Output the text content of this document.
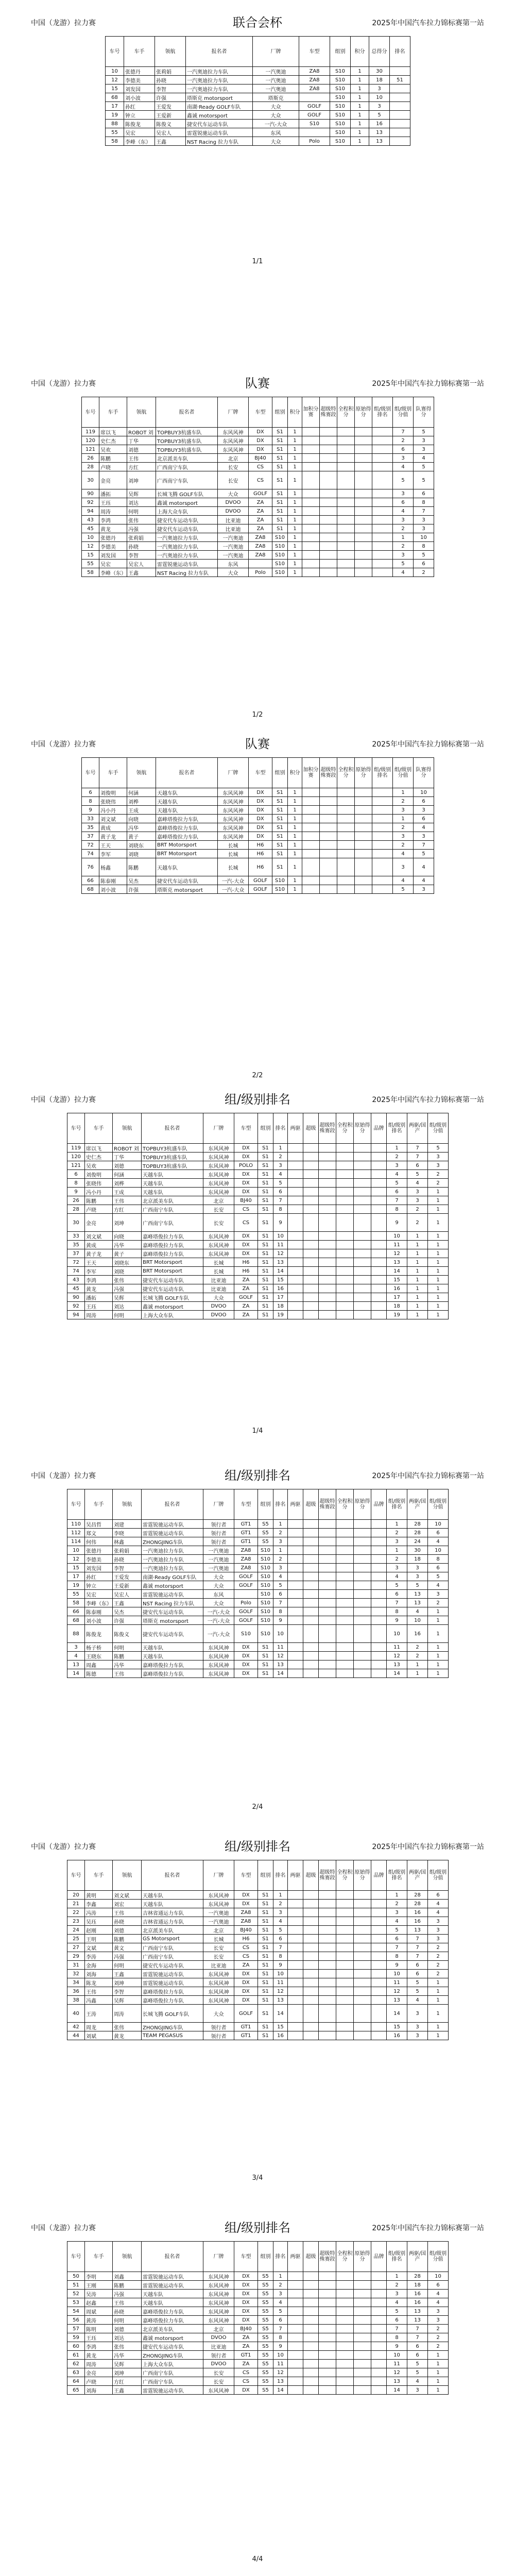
中国（龙游）拉力赛	2025年中国汽车拉力锦标赛第一站
联合会杯
车号	车手	领航	报名者	厂牌	车型	组别	积分	总得分	排名
10	张德丹	张莉娟	一汽奥迪拉力车队	一汽奥迪	ZA8	S10	1	30	
12	李德美	孙晓	一汽奥迪拉力车队	一汽奥迪	ZA8	S10	1	18	51
15	刘发国	李智	一汽奥迪拉力车队	一汽奥迪	ZA8	S10	1	3	
68	刘小波	许强	塔斯克 motorsport	塔斯克		S10	1	10	
17	孙红	王爱发	南湖·Ready GOLF车队	大众	GOLF	S10	1	3	
19	钟立	王爱新	鑫诚 motorsport	大众	GOLF	S10	1	5	
88	陈俊龙	陈俊义	捷安代车运动车队	一汽-大众	S10	S10	1	16	
55	吴宏	吴宏人	雷霆锐驰运动车队	东风		S10	1	13	
58	李峰（东）	王鑫	NST Racing 拉力车队	大众	Polo	S10	1	13	
1/1
中国（龙游）拉力赛	2025年中国汽车拉力锦标赛第一站
队赛
车号	车手	领航	报名者	厂牌	车型	组别	积分	加积分赛	超级特殊赛段	全程积分	原始得分	组/级别排名	组/级别分值	队赛得分
119	席以飞	ROBOT 刘	TOPBUY3杭盛车队	东风风神	DX	S1	1						7	5
120	史仁杰	丁华	TOPBUY3杭盛车队	东风风神	DX	S1	1						2	3
121	吴欢	刘德	TOPBUY3杭盛车队	东风风神	DX	S1	1						6	3
26	陈鹏	王伟	北京派美车队	北京	BJ40	S1	1						3	4
28	卢晓	方红	广西南宁车队	长安	CS	S1	1						4	5
30	金亮	刘坤	广西南宁车队	长安	CS	S1	1						5	5
90	潘拓	吴辉	长城飞腾 GOLF车队	大众	GOLF	S1	1						3	6
92	王珏	刘达	鑫诚 motorsport	DVOO	ZA	S1	1						6	8
94	周涛	何明	上海大众车队	DVOO	ZA	S1	1						4	7
43	李鸿	张伟	捷安代车运动车队	比亚迪	ZA	S1	1						3	3
45	黄龙	冯强	捷安代车运动车队	比亚迪	ZA	S1	1						2	3
10	张德丹	张莉娟	一汽奥迪拉力车队	一汽奥迪	ZA8	S10	1						1	10
12	李德美	孙晓	一汽奥迪拉力车队	一汽奥迪	ZA8	S10	1						2	8
15	刘发国	李智	一汽奥迪拉力车队	一汽奥迪	ZA8	S10	1						3	5
55	吴宏	吴宏人	雷霆锐驰运动车队	东风		S10	1						5	6
58	李峰（东）	王鑫	NST Racing 拉力车队	大众	Polo	S10	1						4	2
1/2
中国（龙游）拉力赛	2025年中国汽车拉力锦标赛第一站
队赛
车号	车手	领航	报名者	厂牌	车型	组别	积分	加积分赛	超级特殊赛段	全程积分	原始得分	组/级别排名	组/级别分值	队赛得分
6	刘俊明	何涵	天越车队	东风风神	DX	S1	1						1	10
8	张晓伟	刘桦	天越车队	东风风神	DX	S1	1						2	6
9	冯小丹	王成	天越车队	东风风神	DX	S1	1						3	3
33	刘文斌	向晓	嘉峰塔俊拉力车队	东风风神	DX	S1	1						1	6
35	黄成	冯华	嘉峰塔俊拉力车队	东风风神	DX	S1	1						2	4
37	黄子龙	黄子	嘉峰塔俊拉力车队	东风风神	DX	S1	1						3	3
72	王天	刘晓东	BRT Motorsport	长城	H6	S1	1						2	7
74	李军	刘晓	BRT Motorsport	长城	H6	S1	1						4	5
76	杨鑫	陈鹏	天越车队	长城	H6	S1	1						3	4
66	陈泰刚	吴杰	捷安代车运动车队	一汽-大众	GOLF	S10	1						4	4
68	刘小波	许强	塔斯克 motorsport	一汽-大众	GOLF	S10	1						5	3
2/2
中国（龙游）拉力赛	2025年中国汽车拉力锦标赛第一站
组/级别排名
车号	车手	领航	报名者	厂牌	车型	组别	排名	两驱	超级	超级特殊赛段	全程积分	原始得分	品牌	组/级别排名	两驱/国产	组/级别分值
119	席以飞	ROBOT 刘	TOPBUY3杭盛车队	东风风神	DX	S1	1							1	7	5
120	史仁杰	丁华	TOPBUY3杭盛车队	东风风神	DX	S1	2							2	7	3
121	吴欢	刘德	TOPBUY3杭盛车队	东风风神	POLO	S1	3							3	6	3
6	刘俊明	何涵	天越车队	东风风神	DX	S1	4							4	5	2
8	张晓伟	刘桦	天越车队	东风风神	DX	S1	5							5	4	2
9	冯小丹	王成	天越车队	东风风神	DX	S1	6							6	3	1
26	陈鹏	王伟	北京派美车队	北京	BJ40	S1	7							7	3	1
28	卢晓	方红	广西南宁车队	长安	CS	S1	8							8	2	1
30	金亮	刘坤	广西南宁车队	长安	CS	S1	9							9	2	1
33	刘文斌	向晓	嘉峰塔俊拉力车队	东风风神	DX	S1	10							10	1	1
35	黄成	冯华	嘉峰塔俊拉力车队	东风风神	DX	S1	11							11	1	1
37	黄子龙	黄子	嘉峰塔俊拉力车队	东风风神	DX	S1	12							12	1	1
72	王天	刘晓东	BRT Motorsport	长城	H6	S1	13							13	1	1
74	李军	刘晓	BRT Motorsport	长城	H6	S1	14							14	1	1
43	李鸿	张伟	捷安代车运动车队	比亚迪	ZA	S1	15							15	1	1
45	黄龙	冯强	捷安代车运动车队	比亚迪	ZA	S1	16							16	1	1
90	潘拓	吴辉	长城飞腾 GOLF车队	大众	GOLF	S1	17							17	1	1
92	王珏	刘达	鑫诚 motorsport	DVOO	ZA	S1	18							18	1	1
94	周涛	何明	上海大众车队	DVOO	ZA	S1	19							19	1	1
1/4
中国（龙游）拉力赛	2025年中国汽车拉力锦标赛第一站
组/级别排名
车号	车手	领航	报名者	厂牌	车型	组别	排名	两驱	超级	超级特殊赛段	全程积分	原始得分	品牌	组/级别排名	两驱/国产	组/级别分值
110	吴昌哲	刘建	雷霆锐驰运动车队	领行者	GT1	S5	1							1	28	10
112	郑文	李晓	雷霆锐驰运动车队	领行者	GT1	S5	2							2	28	6
114	何伟	林鑫	ZHONGJING车队	领行者	GT1	S5	3							3	24	4
10	张德丹	张莉娟	一汽奥迪拉力车队	一汽奥迪	ZA8	S10	1							1	30	10
12	李德美	孙晓	一汽奥迪拉力车队	一汽奥迪	ZA8	S10	2							2	18	8
15	刘发国	李智	一汽奥迪拉力车队	一汽奥迪	ZA8	S10	3							3	3	6
17	孙红	王爱发	南湖·Ready GOLF车队	大众	GOLF	S10	4							4	3	5
19	钟立	王爱新	鑫诚 motorsport	大众	GOLF	S10	5							5	5	4
55	吴宏	吴宏人	雷霆锐驰运动车队	东风		S10	6							6	13	3
58	李峰（东）	王鑫	NST Racing 拉力车队	大众	Polo	S10	7							7	13	2
66	陈泰刚	吴杰	捷安代车运动车队	一汽-大众	GOLF	S10	8							8	4	1
68	刘小波	许强	塔斯克 motorsport	一汽-大众	GOLF	S10	9							9	10	1
88	陈俊龙	陈俊义	捷安代车运动车队	一汽-大众	S10	S10	10							10	16	1
3	杨子桥	何明	天越车队	东风风神	DX	S1	11							11	2	1
4	王晓东	陈鹏	天越车队	东风风神	DX	S1	12							12	2	1
13	周鑫	冯华	嘉峰塔俊拉力车队	东风风神	DX	S1	13							13	1	1
14	陈德	王伟	嘉峰塔俊拉力车队	东风风神	DX	S1	14							14	1	1
2/4
中国（龙游）拉力赛	2025年中国汽车拉力锦标赛第一站
组/级别排名
车号	车手	领航	报名者	厂牌	车型	组别	排名	两驱	超级	超级特殊赛段	全程积分	原始得分	品牌	组/级别排名	两驱/国产	组/级别分值
20	黄明	刘文斌	天越车队	东风风神	DX	S1	1							1	28	6
21	李鑫	刘宏	天越车队	东风风神	DX	S1	2							2	28	4
22	冯涛	王伟	吉林省通运力车队	一汽奥迪	ZA8	S1	3							3	16	4
23	吴珏	孙晓	吉林省通运力车队	一汽奥迪	ZA8	S1	4							4	16	3
24	赵刚	刘德	北京派美车队	北京	BJ40	S1	5							5	13	3
25	王明	陈鹏	GS Motorsport	长城	H6	S1	6							6	7	3
27	文斌	黄文	广西南宁车队	长安	CS	S1	7							7	7	2
29	李涛	冯强	广西南宁车队	长安	CS	S1	8							8	7	2
31	金海	何明	捷安代车运动车队	比亚迪	ZA	S1	9							9	6	2
32	刘海	王鑫	雷霆锐驰运动车队	东风风神	DX	S1	10							10	6	2
34	陈龙	刘坤	雷霆锐驰运动车队	东风风神	DX	S1	11							11	5	1
36	王伟	李智	嘉峰塔俊拉力车队	东风风神	DX	S1	12							12	5	1
38	冯鑫	吴辉	嘉峰塔俊拉力车队	东风风神	DX	S1	13							13	4	1
40	王涛	周涛	长城飞腾 GOLF车队	大众	GOLF	S1	14							14	3	1
42	周龙	张伟	ZHONGJING车队	领行者	GT1	S1	15							15	3	1
44	刘斌	黄龙	TEAM PEGASUS	领行者	GT1	S1	16							16	3	1
3/4
中国（龙游）拉力赛	2025年中国汽车拉力锦标赛第一站
组/级别排名
车号	车手	领航	报名者	厂牌	车型	组别	排名	两驱	超级	超级特殊赛段	全程积分	原始得分	品牌	组/级别排名	两驱/国产	组/级别分值
50	李明	刘鑫	雷霆锐驰运动车队	东风风神	DX	S5	1							1	28	10
51	王刚	陈鹏	雷霆锐驰运动车队	东风风神	DX	S5	2							2	18	6
52	吴涛	冯强	天越车队	东风风神	DX	S5	3							3	16	4
53	赵鑫	王伟	天越车队	东风风神	DX	S5	4							4	16	4
54	周斌	孙晓	嘉峰塔俊拉力车队	东风风神	DX	S5	5							5	13	3
56	黄涛	何明	嘉峰塔俊拉力车队	东风风神	DX	S5	6							6	13	3
57	陈明	刘德	北京派美车队	北京	BJ40	S5	7							7	7	2
59	王珏	刘达	鑫诚 motorsport	DVOO	ZA	S5	8							8	7	2
60	李鸿	张伟	捷安代车运动车队	比亚迪	ZA	S5	9							9	6	2
61	黄龙	冯华	ZHONGJING车队	领行者	GT1	S5	10							10	6	1
62	周涛	吴辉	上海大众车队	DVOO	ZA	S5	11							11	5	1
63	金亮	刘坤	广西南宁车队	长安	CS	S5	12							12	5	1
64	卢晓	方红	广西南宁车队	长安	CS	S5	13							13	4	1
65	刘海	王鑫	雷霆锐驰运动车队	东风风神	DX	S5	14							14	3	1
4/4
